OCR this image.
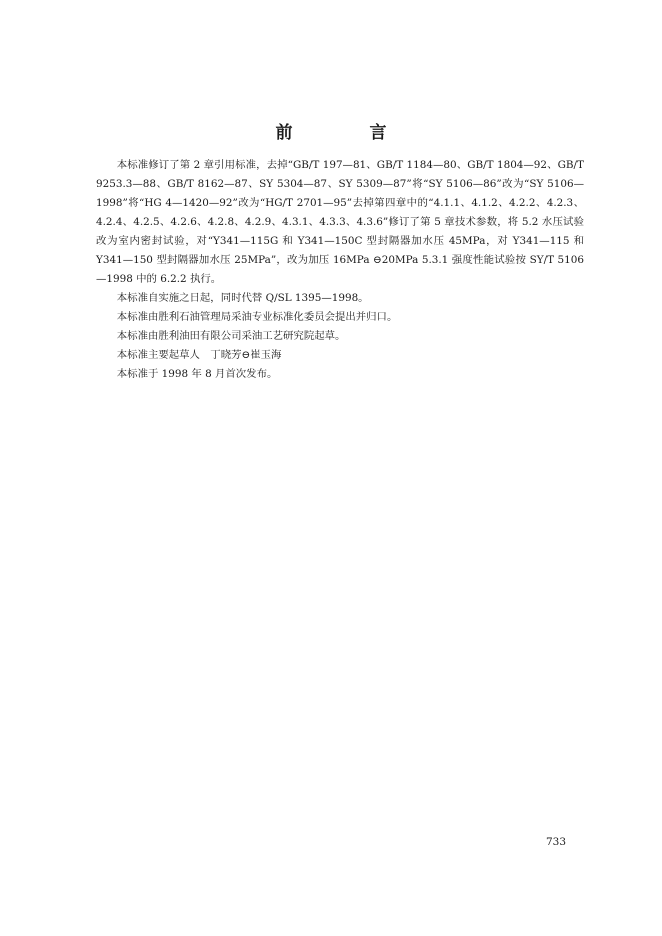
前　言

本标准修订了第 2 章引用标准，去掉“GB/T 197—81、GB/T 1184—80、GB/T 1804—92、GB/T 9253.3—88、GB/T 8162—87、SY 5304—87、SY 5309—87”将“SY 5106—86”改为“SY 5106—1998”将“HG 4—1420—92”改为“HG/T 2701—95”去掉第四章中的“4.1.1、4.1.2、4.2.2、4.2.3、4.2.4、4.2.5、4.2.6、4.2.8、4.2.9、4.3.1、4.3.3、4.3.6”修订了第 5 章技术参数，将 5.2 水压试验改为室内密封试验，对“Y341—115G 和 Y341—150C 型封隔器加水压 45MPa，对 Y341—115 和 Y341—150 型封隔器加水压 25MPa”，改为加压 16MPa ⊖20MPa 5.3.1 强度性能试验按 SY/T 5106—1998 中的 6.2.2 执行。

本标准自实施之日起，同时代替 Q/SL 1395—1998。

本标准由胜利石油管理局采油专业标准化委员会提出并归口。

本标准由胜利油田有限公司采油工艺研究院起草。

本标准主要起草人　丁晓芳⊖崔玉海

本标准于 1998 年 8 月首次发布。

733
